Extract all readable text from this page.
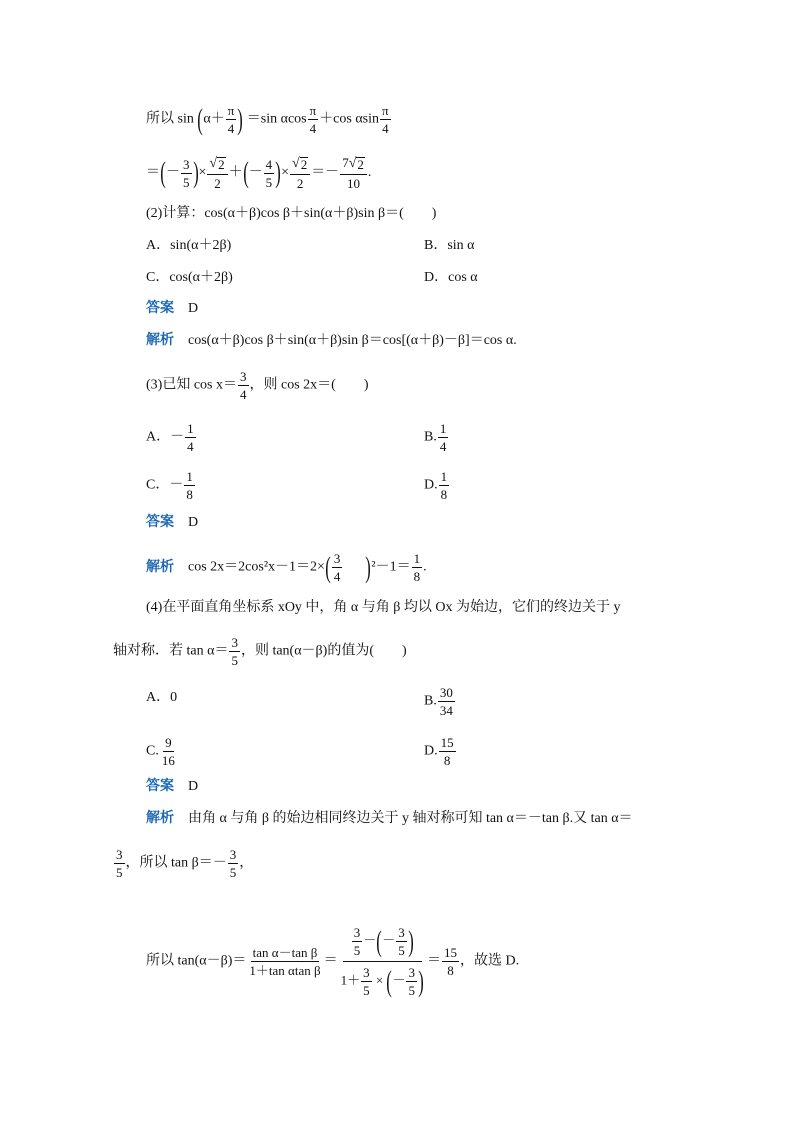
所以 $\sin (\alpha+ \frac{\pi}{4}$ ) ＝sin αcos $\frac{\pi}{4} +\cos$ αsin $\frac{\pi}{4}$
＝(－ $\frac{3}{5}$ )× $\frac{√ 2}{2}$ ＋(－ $\frac{4}{5}$ )× $\frac{√ 2}{2} =- \frac{7 √ 2}{10}$ .
(2)计算：cos(α＋β)cos β＋sin(α＋β)sin β＝(　　)
A．sin(α＋2β)	B．sin α
C．cos(α＋2β)	D．cos α
答案 D
解析 cos(α＋β)cos β＋sin(α＋β)sin β＝cos[(α＋β)－β]＝cos α.
(3)已知 $\cos x= \frac{3}{4}$ ，则 cos 2x＝(　　)
A．－ $\frac{1}{4}$	B. $\frac{1}{4}$
C．－ $\frac{1}{8}$	D. $\frac{1}{8}$
答案 D
解析 $\cos 2x=2\cos^2x-1=2\times( \frac{3}{4} )^2-1= \frac{1}{8}$ .
(4)在平面直角坐标系 xOy 中，角 α 与角 β 均以 Ox 为始边，它们的终边关于 y
轴对称．若 $\tan \alpha= \frac{3}{5}$ ，则 tan(α－β)的值为(　　)
A．0	B. $\frac{30}{34}$
C. $\frac{9}{16}$	D. $\frac{15}{8}$
答案 D
解析 由角 α 与角 β 的始边相同终边关于 y 轴对称可知 tan α＝－tan β.又 tan α＝
$\frac{3}{5}$ ，所以 $\tan \beta=- \frac{3}{5}$ ，
所以 $\tan(\alpha-\beta)= \frac{\text{tan α－tan β}}{\text{1＋tan αtan β}} = \frac{\frac{3}{5} -(- \frac{3}{5} )}{1+ \frac{3}{5} \times (- \frac{3}{5} )} = \frac{15}{8}$ ，故选 D.
